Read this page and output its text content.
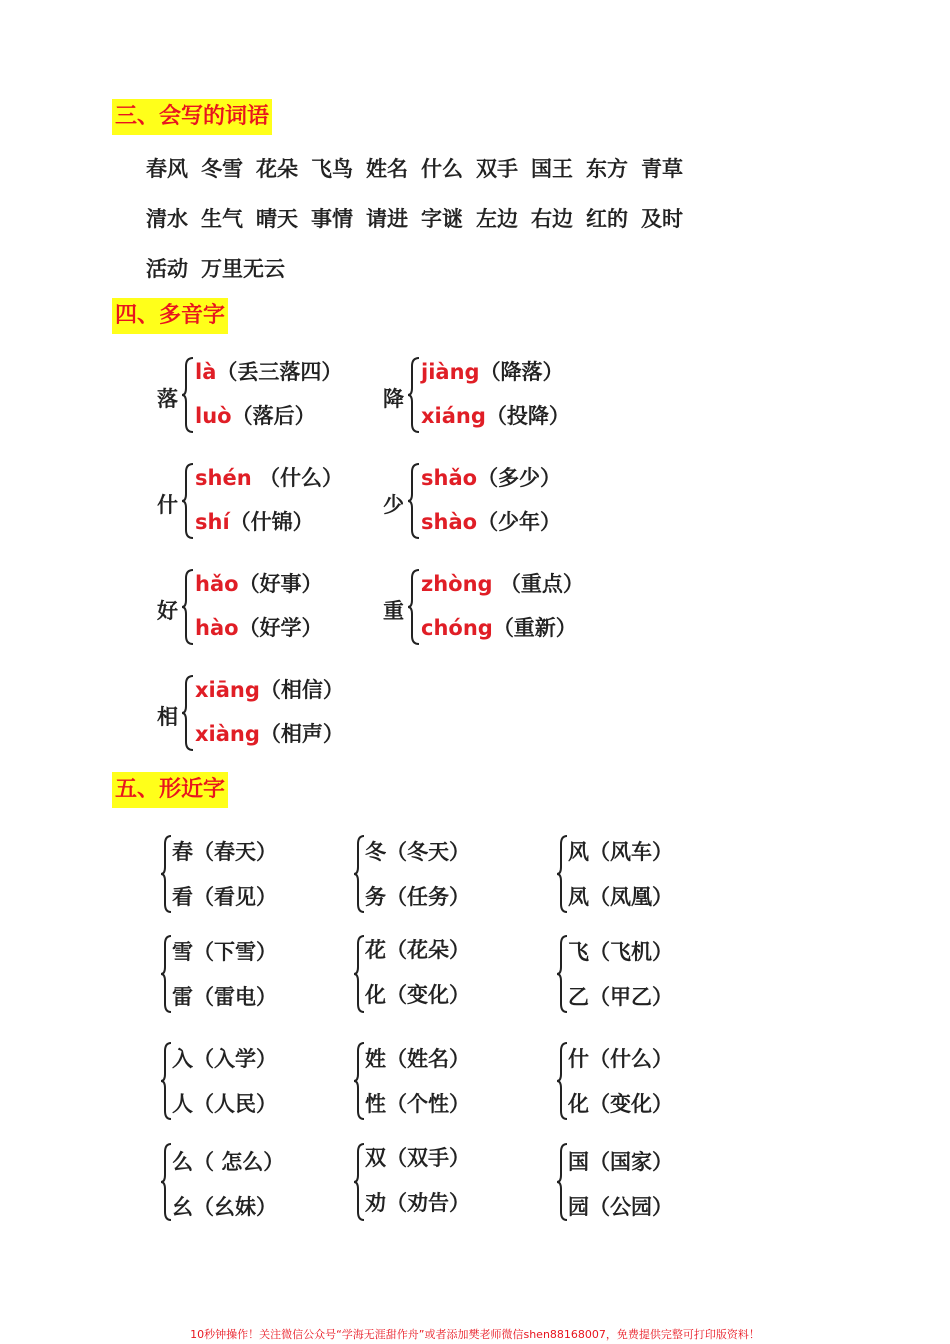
三、会写的词语
春风 冬雪 花朵 飞鸟 姓名 什么 双手 国王 东方 青草
清水 生气 晴天 事情 请进 字谜 左边 右边 红的 及时
活动 万里无云
四、多音字
落
là（丢三落四）
luò（落后）
降
jiàng（降落）
xiáng（投降）
什
shén （什么）
shí（什锦）
少
shǎo（多少）
shào（少年）
好
hǎo（好事）
hào（好学）
重
zhòng （重点）
chóng（重新）
相
xiāng（相信）
xiàng（相声）
五、形近字
春（春天）
看（看见）
冬（冬天）
务（任务）
风（风车）
凤（凤凰）
雪（下雪）
雷（雷电）
花（花朵）
化（变化）
飞（飞机）
乙（甲乙）
入（入学）
人（人民）
姓（姓名）
性（个性）
什（什么）
化（变化）
么（ 怎么）
幺（幺妹）
双（双手）
劝（劝告）
国（国家）
园（公园）
10秒钟操作！关注微信公众号“学海无涯甜作舟”或者添加樊老师微信shen88168007，免费提供完整可打印版资料！
